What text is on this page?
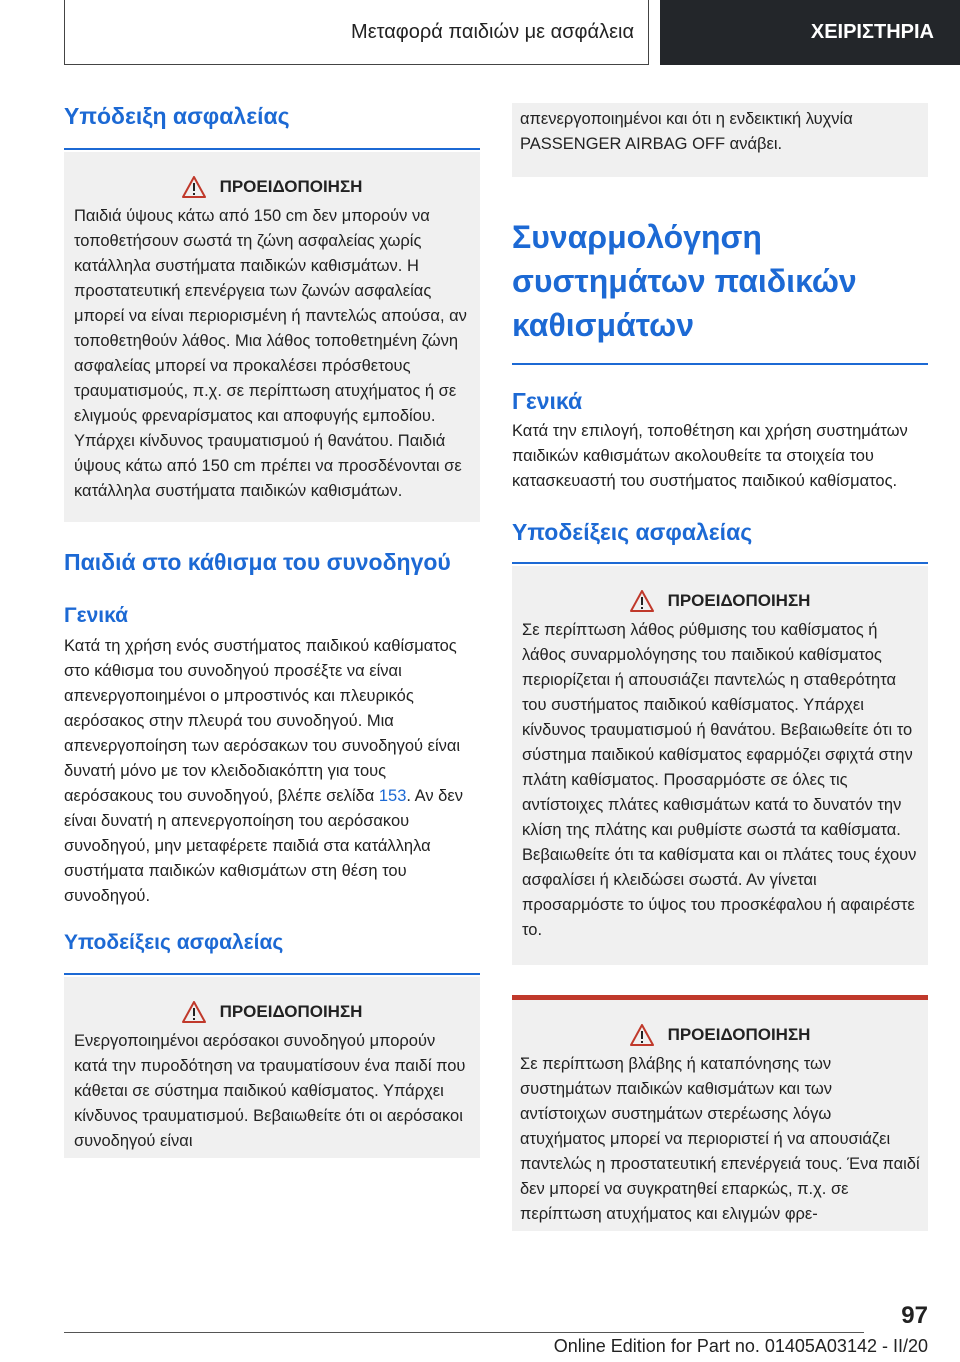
Μεταφορά παιδιών με ασφάλεια	ΧΕΙΡΙΣΤΗΡΙΑ
Υπόδειξη ασφαλείας
ΠΡΟΕΙΔΟΠΟΙΗΣΗ

Παιδιά ύψους κάτω από 150 cm δεν μπορούν να τοποθετήσουν σωστά τη ζώνη ασφαλείας χωρίς κατάλληλα συστήματα παιδικών καθισμάτων. Η προστατευτική επενέργεια των ζωνών ασφαλείας μπορεί να είναι περιορισμένη ή παντελώς απούσα, αν τοποθετηθούν λάθος. Μια λάθος τοποθετημένη ζώνη ασφαλείας μπορεί να προκαλέσει πρόσθετους τραυματισμούς, π.χ. σε περίπτωση ατυχήματος ή σε ελιγμούς φρεναρίσματος και αποφυγής εμποδίου. Υπάρχει κίνδυνος τραυματισμού ή θανάτου. Παιδιά ύψους κάτω από 150 cm πρέπει να προσδένονται σε κατάλληλα συστήματα παιδικών καθισμάτων.

Παιδιά στο κάθισμα του συνοδηγού
Γενικά

Κατά τη χρήση ενός συστήματος παιδικού καθίσματος στο κάθισμα του συνοδηγού προσέξτε να είναι απενεργοποιημένοι ο μπροστινός και πλευρικός αερόσακος στην πλευρά του συνοδηγού. Μια απενεργοποίηση των αερόσακων του συνοδηγού είναι δυνατή μόνο με τον κλειδοδιακόπτη για τους αερόσακους του συνοδηγού, βλέπε σελίδα 153. Αν δεν είναι δυνατή η απενεργοποίηση του αερόσακου συνοδηγού, μην μεταφέρετε παιδιά στα κατάλληλα συστήματα παιδικών καθισμάτων στη θέση του συνοδηγού.

Υποδείξεις ασφαλείας
ΠΡΟΕΙΔΟΠΟΙΗΣΗ

Ενεργοποιημένοι αερόσακοι συνοδηγού μπορούν κατά την πυροδότηση να τραυματίσουν ένα παιδί που κάθεται σε σύστημα παιδικού καθίσματος. Υπάρχει κίνδυνος τραυματισμού. Βεβαιωθείτε ότι οι αερόσακοι συνοδηγού είναι

απενεργοποιημένοι και ότι η ενδεικτική λυχνία PASSENGER AIRBAG OFF ανάβει.
Συναρμολόγηση συστημάτων παιδικών καθισμάτων
Γενικά

Κατά την επιλογή, τοποθέτηση και χρήση συστημάτων παιδικών καθισμάτων ακολουθείτε τα στοιχεία του κατασκευαστή του συστήματος παιδικού καθίσματος.

Υποδείξεις ασφαλείας
ΠΡΟΕΙΔΟΠΟΙΗΣΗ

Σε περίπτωση λάθος ρύθμισης του καθίσματος ή λάθος συναρμολόγησης του παιδικού καθίσματος περιορίζεται ή απουσιάζει παντελώς η σταθερότητα του συστήματος παιδικού καθίσματος. Υπάρχει κίνδυνος τραυματισμού ή θανάτου. Βεβαιωθείτε ότι το σύστημα παιδικού καθίσματος εφαρμόζει σφιχτά στην πλάτη καθίσματος. Προσαρμόστε σε όλες τις αντίστοιχες πλάτες καθισμάτων κατά το δυνατόν την κλίση της πλάτης και ρυθμίστε σωστά τα καθίσματα. Βεβαιωθείτε ότι τα καθίσματα και οι πλάτες τους έχουν ασφαλίσει ή κλειδώσει σωστά. Αν γίνεται προσαρμόστε το ύψος του προσκέφαλου ή αφαιρέστε το.

ΠΡΟΕΙΔΟΠΟΙΗΣΗ

Σε περίπτωση βλάβης ή καταπόνησης των συστημάτων παιδικών καθισμάτων και των αντίστοιχων συστημάτων στερέωσης λόγω ατυχήματος μπορεί να περιοριστεί ή να απουσιάζει παντελώς η προστατευτική επενέργειά τους. Ένα παιδί δεν μπορεί να συγκρατηθεί επαρκώς, π.χ. σε περίπτωση ατυχήματος και ελιγμών φρε-

97
Online Edition for Part no. 01405A03142 - II/20
